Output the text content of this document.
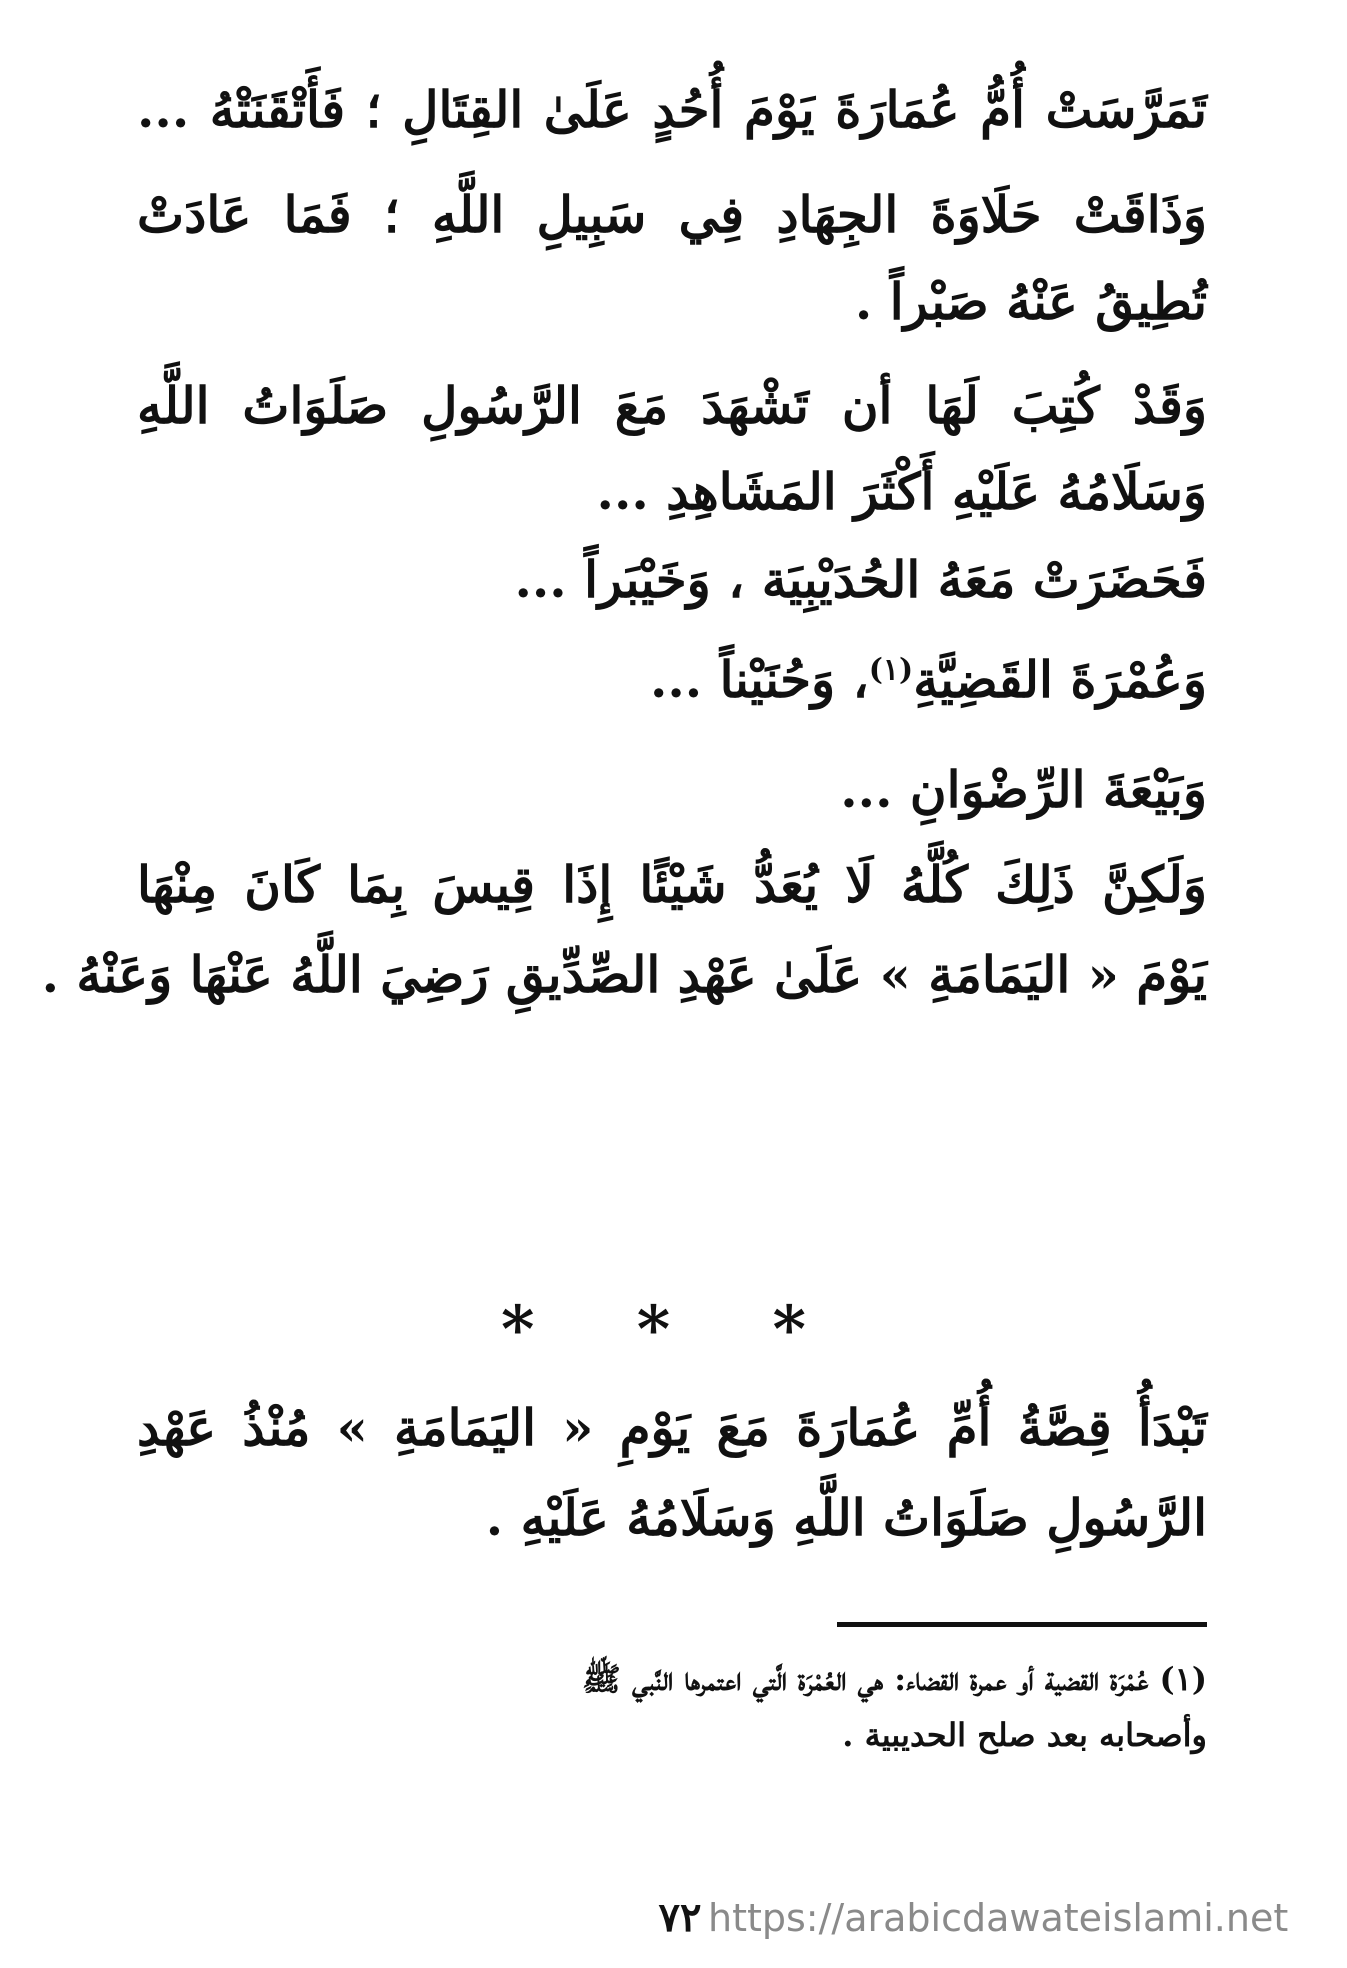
تَمَرَّسَتْ أُمُّ عُمَارَةَ يَوْمَ أُحُدٍ عَلَىٰ القِتَالِ ؛ فَأَتْقَنَتْهُ ...
وَذَاقَتْ حَلَاوَةَ الجِهَادِ فِي سَبِيلِ اللَّهِ ؛ فَمَا عَادَتْ
تُطِيقُ عَنْهُ صَبْراً .
وَقَدْ كُتِبَ لَهَا أن تَشْهَدَ مَعَ الرَّسُولِ صَلَوَاتُ اللَّهِ
وَسَلَامُهُ عَلَيْهِ أَكْثَرَ المَشَاهِدِ ...
فَحَضَرَتْ مَعَهُ الحُدَيْبِيَة ، وَخَيْبَراً ...
وَعُمْرَةَ القَضِيَّةِ$^{(١)}$، وَحُنَيْناً ...
وَبَيْعَةَ الرِّضْوَانِ ...
وَلَكِنَّ ذَلِكَ كُلَّهُ لَا يُعَدُّ شَيْئًا إِذَا قِيسَ بِمَا كَانَ مِنْهَا
يَوْمَ « اليَمَامَةِ » عَلَىٰ عَهْدِ الصِّدِّيقِ رَضِيَ اللَّهُ عَنْهَا وَعَنْهُ .
* * *
تَبْدَأُ قِصَّةُ أُمِّ عُمَارَةَ مَعَ يَوْمِ « اليَمَامَةِ » مُنْذُ عَهْدِ
الرَّسُولِ صَلَوَاتُ اللَّهِ وَسَلَامُهُ عَلَيْهِ .
(١) عُمْرَة القضية أو عمرة القضاء: هي العُمْرَة الَّتي اعتمرها النَّبي ﷺ
وأصحابه بعد صلح الحديبية .
٧٢ https://arabicdawateislami.net
